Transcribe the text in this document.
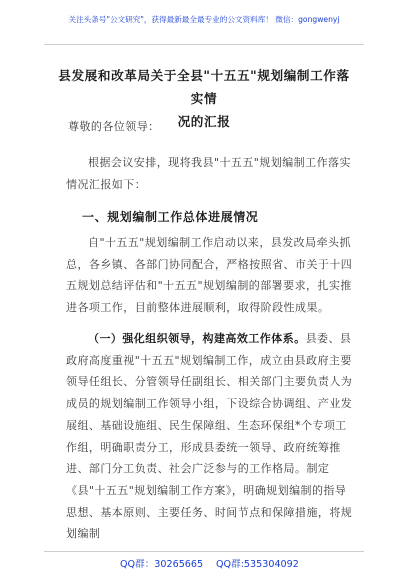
关注头条号"公文研究"，获得最新最全最专业的公文资料库！ 微信：gongwenyj
县发展和改革局关于全县"十五五"规划编制工作落实情
况的汇报
尊敬的各位领导：
根据会议安排，现将我县"十五五"规划编制工作落实情况汇报如下：
一、规划编制工作总体进展情况
自"十五五"规划编制工作启动以来，县发改局牵头抓总，各乡镇、各部门协同配合，严格按照省、市关于十四五规划总结评估和"十五五"规划编制的部署要求，扎实推进各项工作，目前整体进展顺利，取得阶段性成果。
（一）强化组织领导，构建高效工作体系。县委、县政府高度重视"十五五"规划编制工作，成立由县政府主要领导任组长、分管领导任副组长、相关部门主要负责人为成员的规划编制工作领导小组，下设综合协调组、产业发展组、基础设施组、民生保障组、生态环保组*个专项工作组，明确职责分工，形成县委统一领导、政府统筹推进、部门分工负责、社会广泛参与的工作格局。制定《县"十五五"规划编制工作方案》，明确规划编制的指导思想、基本原则、主要任务、时间节点和保障措施，将规划编制
QQ群：30265665 QQ群:535304092
